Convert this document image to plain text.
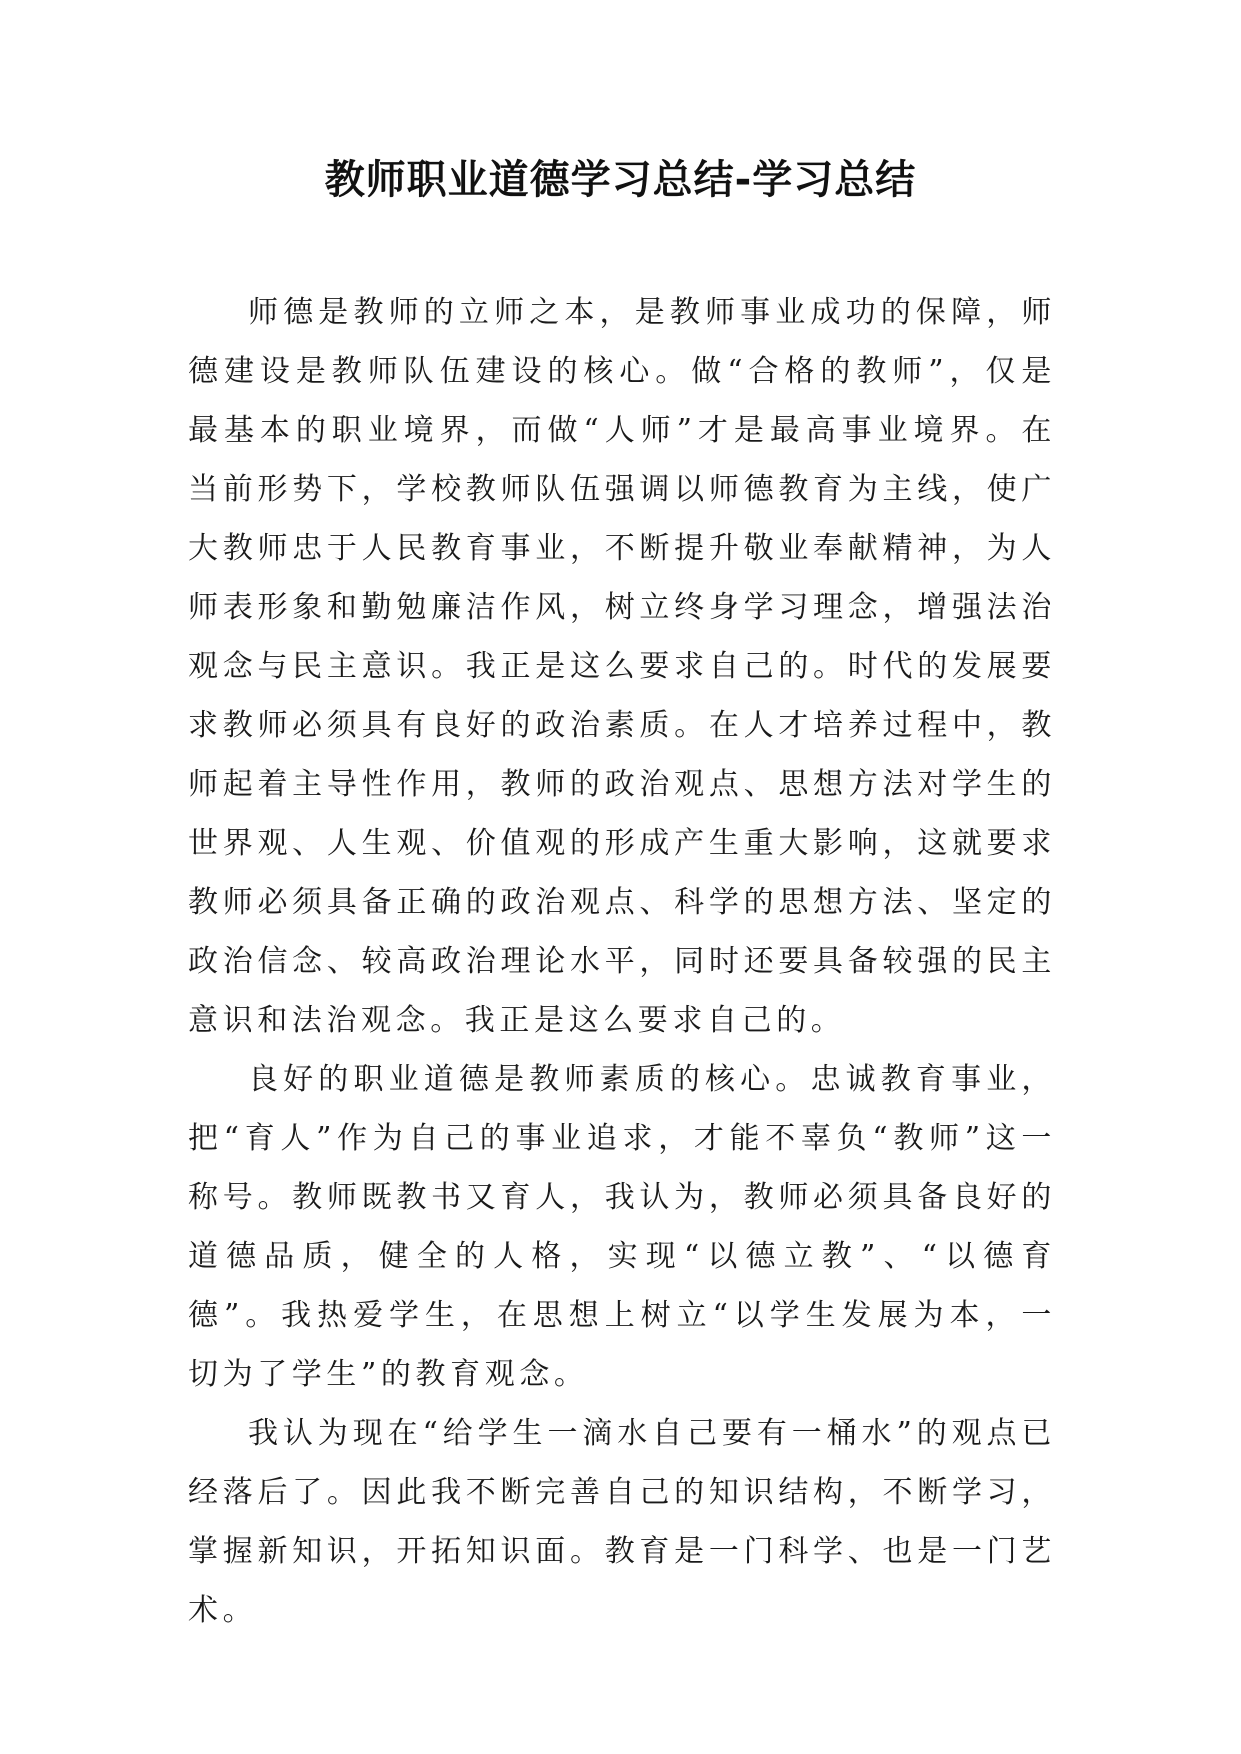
教师职业道德学习总结-学习总结

师德是教师的立师之本，是教师事业成功的保障，师德建设是教师队伍建设的核心。做“合格的教师”，仅是最基本的职业境界，而做“人师”才是最高事业境界。在当前形势下，学校教师队伍强调以师德教育为主线，使广大教师忠于人民教育事业，不断提升敬业奉献精神，为人师表形象和勤勉廉洁作风，树立终身学习理念，增强法治观念与民主意识。我正是这么要求自己的。时代的发展要求教师必须具有良好的政治素质。在人才培养过程中，教师起着主导性作用，教师的政治观点、思想方法对学生的世界观、人生观、价值观的形成产生重大影响，这就要求教师必须具备正确的政治观点、科学的思想方法、坚定的政治信念、较高政治理论水平，同时还要具备较强的民主意识和法治观念。我正是这么要求自己的。

良好的职业道德是教师素质的核心。忠诚教育事业，把“育人”作为自己的事业追求，才能不辜负“教师”这一称号。教师既教书又育人，我认为，教师必须具备良好的道德品质，健全的人格，实现“以德立教”、“以德育德”。我热爱学生，在思想上树立“以学生发展为本，一切为了学生”的教育观念。

我认为现在“给学生一滴水自己要有一桶水”的观点已经落后了。因此我不断完善自己的知识结构，不断学习，掌握新知识，开拓知识面。教育是一门科学、也是一门艺术。
